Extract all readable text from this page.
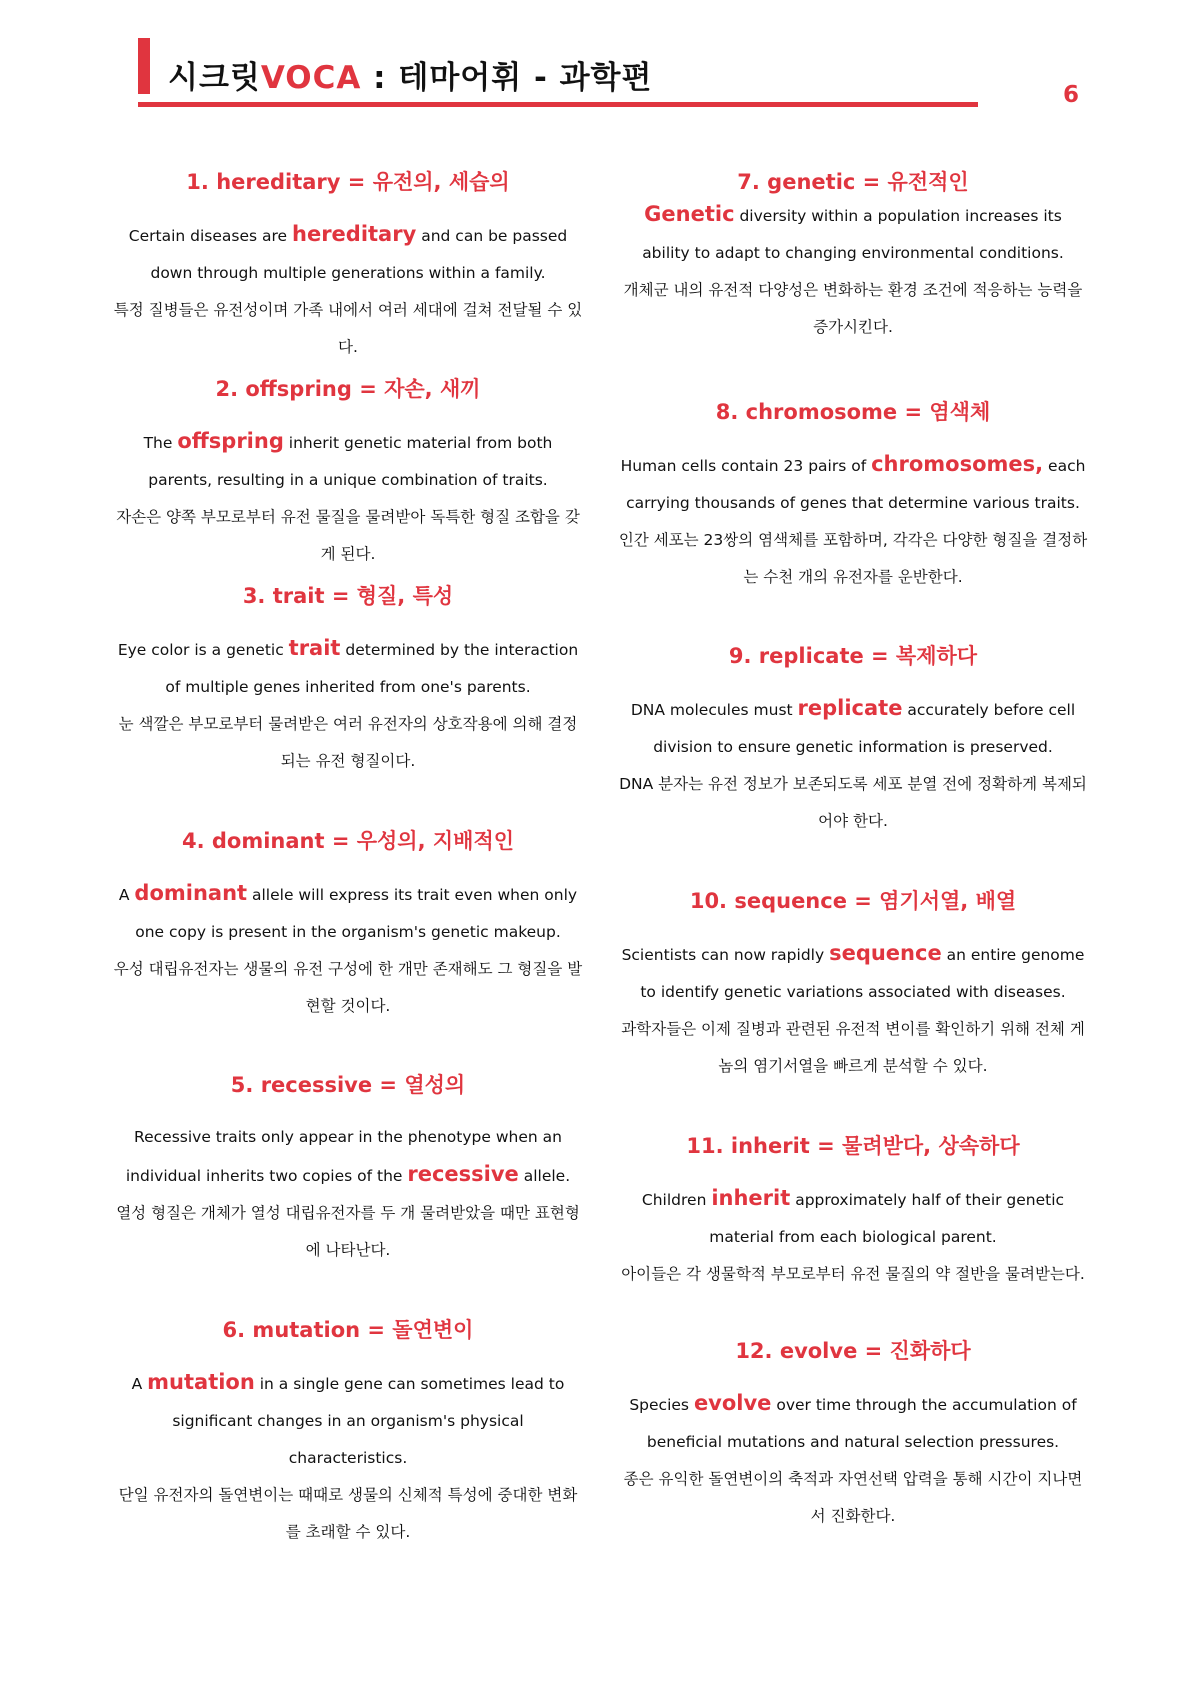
시크릿VOCA : 테마어휘 - 과학편	6
1. hereditary = 유전의, 세습의
Certain diseases are hereditary and can be passed down through multiple generations within a family.
특정 질병들은 유전성이며 가족 내에서 여러 세대에 걸쳐 전달될 수 있다.
2. offspring = 자손, 새끼
The offspring inherit genetic material from both parents, resulting in a unique combination of traits.
자손은 양쪽 부모로부터 유전 물질을 물려받아 독특한 형질 조합을 갖게 된다.
3. trait = 형질, 특성
Eye color is a genetic trait determined by the interaction of multiple genes inherited from one's parents.
눈 색깔은 부모로부터 물려받은 여러 유전자의 상호작용에 의해 결정되는 유전 형질이다.
4. dominant = 우성의, 지배적인
A dominant allele will express its trait even when only one copy is present in the organism's genetic makeup.
우성 대립유전자는 생물의 유전 구성에 한 개만 존재해도 그 형질을 발현할 것이다.
5. recessive = 열성의
Recessive traits only appear in the phenotype when an individual inherits two copies of the recessive allele.
열성 형질은 개체가 열성 대립유전자를 두 개 물려받았을 때만 표현형에 나타난다.
6. mutation = 돌연변이
A mutation in a single gene can sometimes lead to significant changes in an organism's physical characteristics.
단일 유전자의 돌연변이는 때때로 생물의 신체적 특성에 중대한 변화를 초래할 수 있다.
7. genetic = 유전적인
Genetic diversity within a population increases its ability to adapt to changing environmental conditions.
개체군 내의 유전적 다양성은 변화하는 환경 조건에 적응하는 능력을 증가시킨다.
8. chromosome = 염색체
Human cells contain 23 pairs of chromosomes, each carrying thousands of genes that determine various traits.
인간 세포는 23쌍의 염색체를 포함하며, 각각은 다양한 형질을 결정하는 수천 개의 유전자를 운반한다.
9. replicate = 복제하다
DNA molecules must replicate accurately before cell division to ensure genetic information is preserved.
DNA 분자는 유전 정보가 보존되도록 세포 분열 전에 정확하게 복제되어야 한다.
10. sequence = 염기서열, 배열
Scientists can now rapidly sequence an entire genome to identify genetic variations associated with diseases.
과학자들은 이제 질병과 관련된 유전적 변이를 확인하기 위해 전체 게놈의 염기서열을 빠르게 분석할 수 있다.
11. inherit = 물려받다, 상속하다
Children inherit approximately half of their genetic material from each biological parent.
아이들은 각 생물학적 부모로부터 유전 물질의 약 절반을 물려받는다.
12. evolve = 진화하다
Species evolve over time through the accumulation of beneficial mutations and natural selection pressures.
종은 유익한 돌연변이의 축적과 자연선택 압력을 통해 시간이 지나면서 진화한다.
